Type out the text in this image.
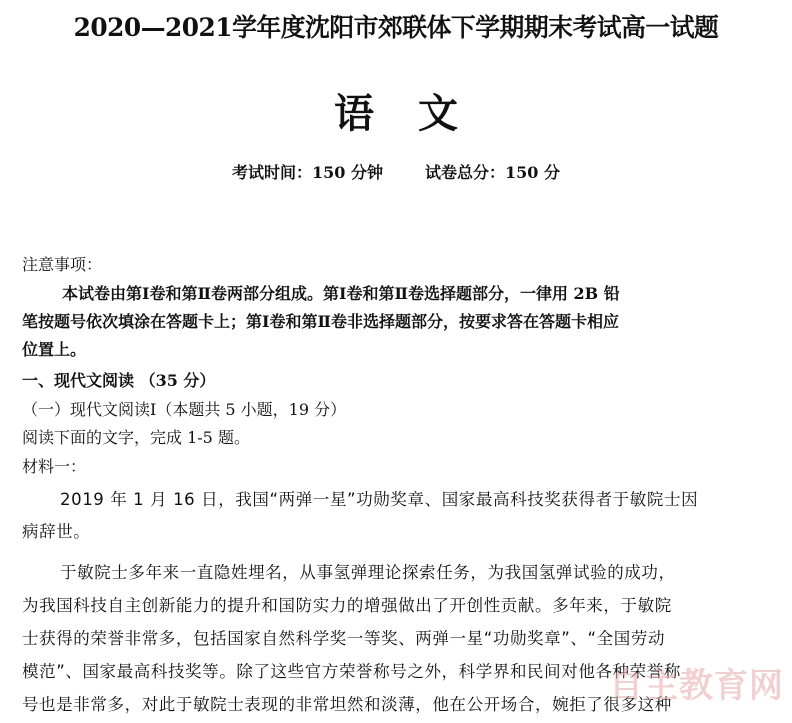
2020—2021学年度沈阳市郊联体下学期期末考试高一试题
语文
考试时间：150 分钟	试卷总分：150 分
注意事项：
本试卷由第Ⅰ卷和第Ⅱ卷两部分组成。第Ⅰ卷和第Ⅱ卷选择题部分，一律用 2B 铅
笔按题号依次填涂在答题卡上；第Ⅰ卷和第Ⅱ卷非选择题部分，按要求答在答题卡相应
位置上。
一、现代文阅读 （35 分）
（一）现代文阅读Ⅰ（本题共 5 小题，19 分）
阅读下面的文字，完成 1-5 题。
材料一：
2019 年 1 月 16 日，我国“两弹一星”功勋奖章、国家最高科技奖获得者于敏院士因
病辞世。
于敏院士多年来一直隐姓埋名，从事氢弹理论探索任务，为我国氢弹试验的成功，
为我国科技自主创新能力的提升和国防实力的增强做出了开创性贡献。多年来，于敏院
士获得的荣誉非常多，包括国家自然科学奖一等奖、两弹一星“功勋奖章”、“全国劳动
模范”、国家最高科技奖等。除了这些官方荣誉称号之外，科学界和民间对他各种荣誉称
号也是非常多，对此于敏院士表现的非常坦然和淡薄，他在公开场合，婉拒了很多这种
自主教育网
